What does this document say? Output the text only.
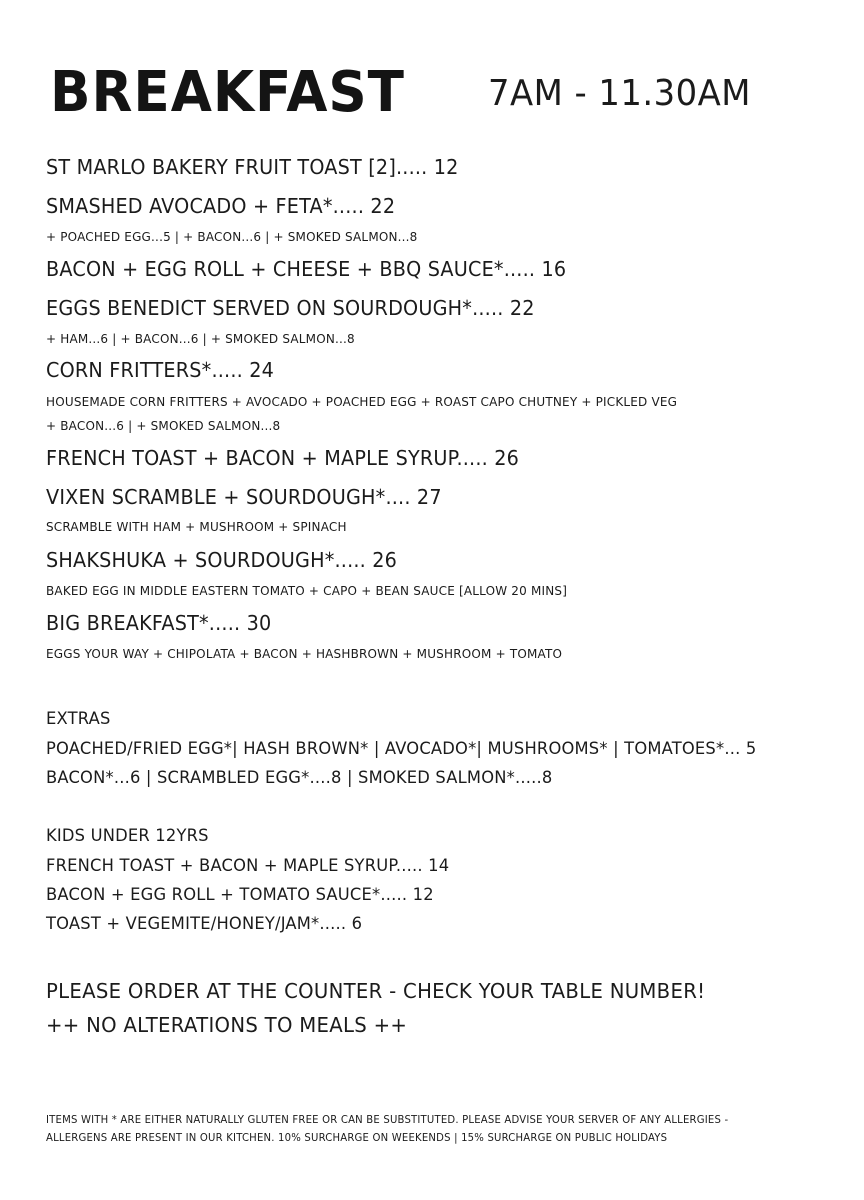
BREAKFAST 7AM - 11.30AM
ST MARLO BAKERY FRUIT TOAST [2]..... 12
SMASHED AVOCADO + FETA*..... 22
+ POACHED EGG...5 | + BACON...6 | + SMOKED SALMON...8
BACON + EGG ROLL + CHEESE + BBQ SAUCE*..... 16
EGGS BENEDICT SERVED ON SOURDOUGH*..... 22
+ HAM...6 | + BACON...6 | + SMOKED SALMON...8
CORN FRITTERS*..... 24
HOUSEMADE CORN FRITTERS + AVOCADO + POACHED EGG + ROAST CAPO CHUTNEY + PICKLED VEG
+ BACON...6 | + SMOKED SALMON...8
FRENCH TOAST + BACON + MAPLE SYRUP..... 26
VIXEN SCRAMBLE + SOURDOUGH*.... 27
SCRAMBLE WITH HAM + MUSHROOM + SPINACH
SHAKSHUKA + SOURDOUGH*..... 26
BAKED EGG IN MIDDLE EASTERN TOMATO + CAPO + BEAN SAUCE [ALLOW 20 MINS]
BIG BREAKFAST*..... 30
EGGS YOUR WAY + CHIPOLATA + BACON + HASHBROWN + MUSHROOM + TOMATO
EXTRAS
POACHED/FRIED EGG*| HASH BROWN* | AVOCADO*| MUSHROOMS* | TOMATOES*... 5
BACON*...6 | SCRAMBLED EGG*....8 | SMOKED SALMON*.....8
KIDS UNDER 12YRS
FRENCH TOAST + BACON + MAPLE SYRUP..... 14
BACON + EGG ROLL + TOMATO SAUCE*..... 12
TOAST + VEGEMITE/HONEY/JAM*..... 6
PLEASE ORDER AT THE COUNTER - CHECK YOUR TABLE NUMBER!
++ NO ALTERATIONS TO MEALS ++
ITEMS WITH * ARE EITHER NATURALLY GLUTEN FREE OR CAN BE SUBSTITUTED. PLEASE ADVISE YOUR SERVER OF ANY ALLERGIES -
ALLERGENS ARE PRESENT IN OUR KITCHEN. 10% SURCHARGE ON WEEKENDS | 15% SURCHARGE ON PUBLIC HOLIDAYS
